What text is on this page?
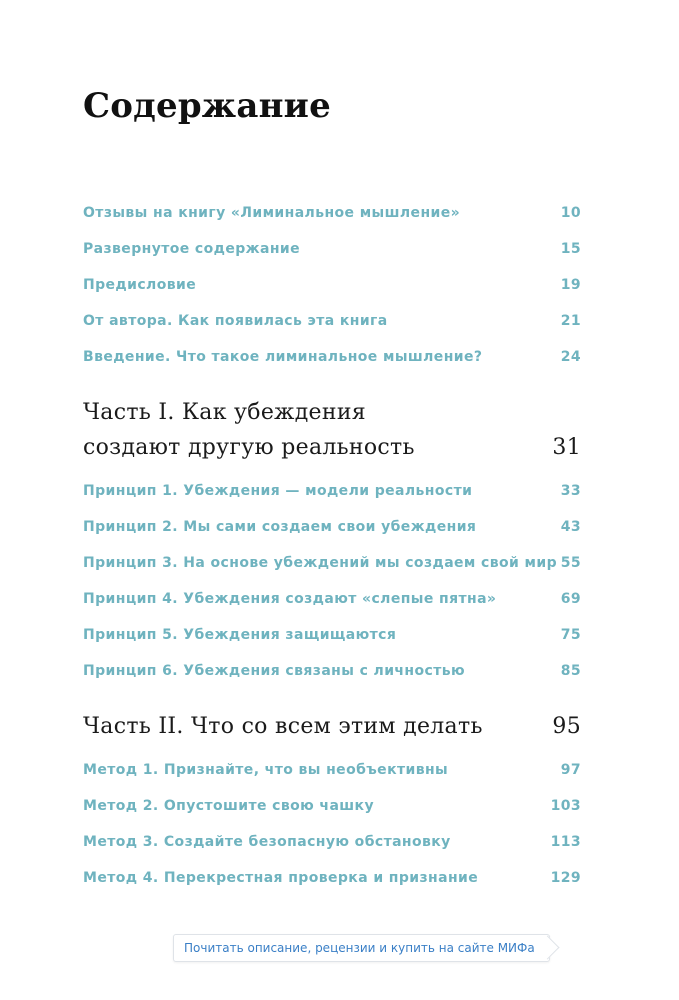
Содержание
Отзывы на книгу «Лиминальное мышление»	10
Развернутое содержание	15
Предисловие	19
От автора. Как появилась эта книга	21
Введение. Что такое лиминальное мышление?	24
Часть I. Как убеждения
создают другую реальность	31
Принцип 1. Убеждения — модели реальности	33
Принцип 2. Мы сами создаем свои убеждения	43
Принцип 3. На основе убеждений мы создаем свой мир 55
Принцип 4. Убеждения создают «слепые пятна»	69
Принцип 5. Убеждения защищаются	75
Принцип 6. Убеждения связаны с личностью	85
Часть II. Что со всем этим делать	95
Метод 1. Признайте, что вы необъективны	97
Метод 2. Опустошите свою чашку	103
Метод 3. Создайте безопасную обстановку	113
Метод 4. Перекрестная проверка и признание	129
Почитать описание, рецензии и купить на сайте МИФа
